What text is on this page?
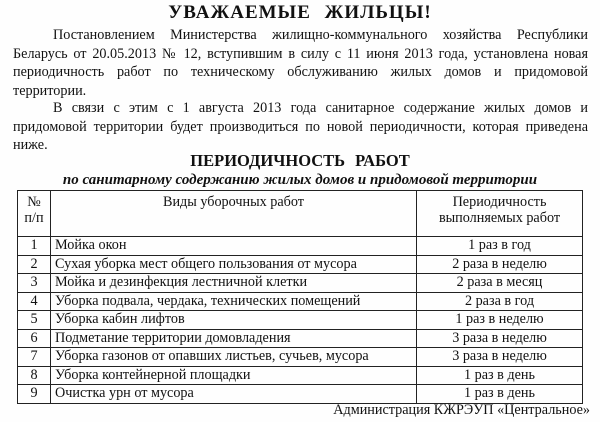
УВАЖАЕМЫЕ ЖИЛЬЦЫ!
Постановлением Министерства жилищно-коммунального хозяйства Республики Беларусь от 20.05.2013 № 12, вступившим в силу с 11 июня 2013 года, установлена новая периодичность работ по техническому обслуживанию жилых домов и придомовой территории.
В связи с этим с 1 августа 2013 года санитарное содержание жилых домов и придомовой территории будет производиться по новой периодичности, которая приведена ниже.
ПЕРИОДИЧНОСТЬ РАБОТ
по санитарному содержанию жилых домов и придомовой территории
№ п/п	Виды уборочных работ	Периодичность выполняемых работ
1	Мойка окон	1 раз в год
2	Сухая уборка мест общего пользования от мусора	2 раза в неделю
3	Мойка и дезинфекция лестничной клетки	2 раза в месяц
4	Уборка подвала, чердака, технических помещений	2 раза в год
5	Уборка кабин лифтов	1 раз в неделю
6	Подметание территории домовладения	3 раза в неделю
7	Уборка газонов от опавших листьев, сучьев, мусора	3 раза в неделю
8	Уборка контейнерной площадки	1 раз в день
9	Очистка урн от мусора	1 раз в день
Администрация КЖРЭУП «Центральное»
